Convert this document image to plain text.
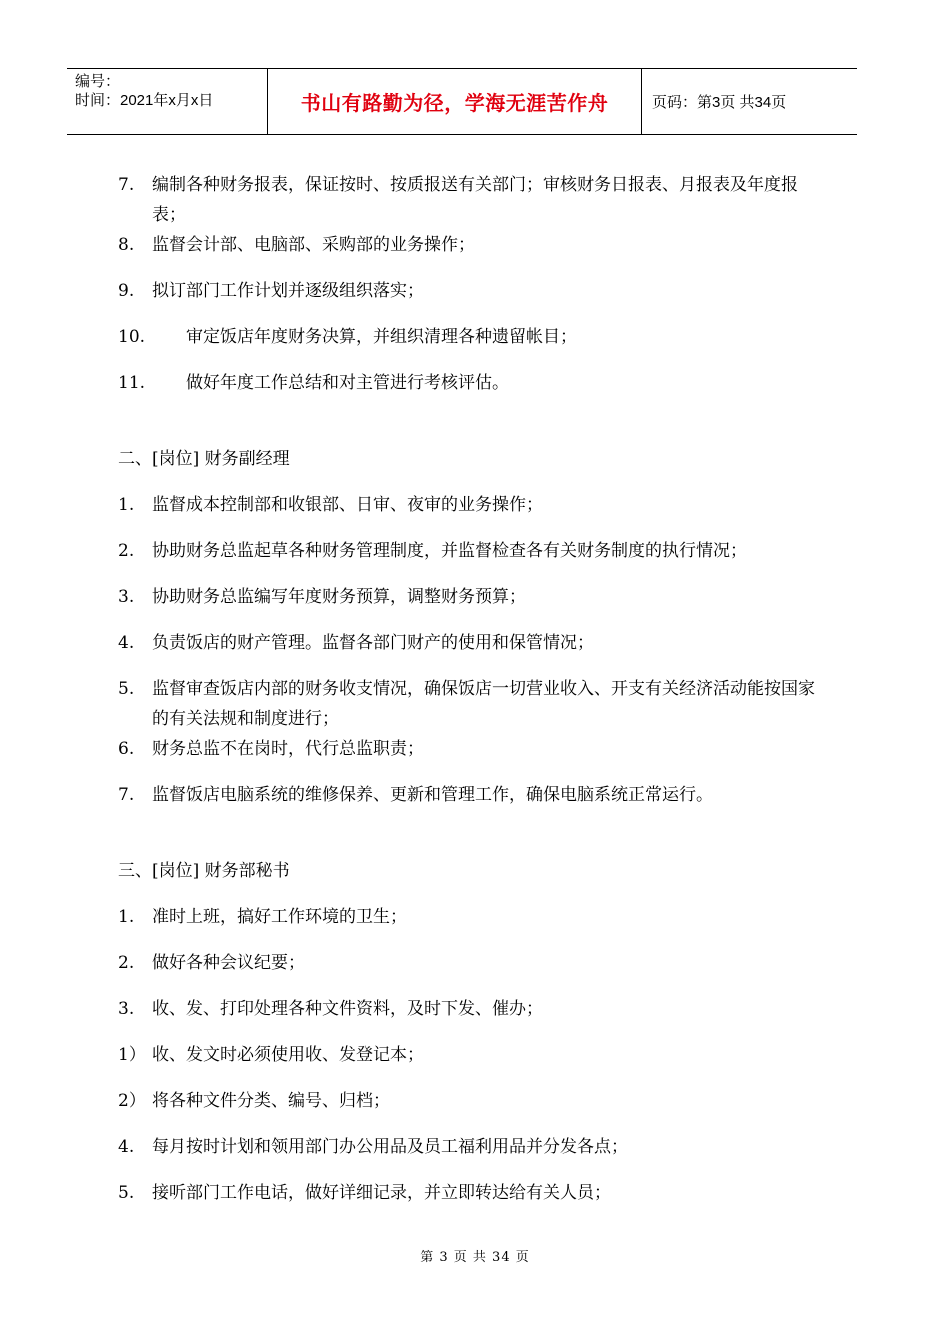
编号：
时间：2021年x月x日	书山有路勤为径，学海无涯苦作舟	页码：第3页 共34页
7.	编制各种财务报表，保证按时、按质报送有关部门；审核财务日报表、月报表及年度报表；
8.	监督会计部、电脑部、采购部的业务操作；
9.	拟订部门工作计划并逐级组织落实；
10.	审定饭店年度财务决算，并组织清理各种遗留帐目；
11.	做好年度工作总结和对主管进行考核评估。
二、[岗位] 财务副经理
1.	监督成本控制部和收银部、日审、夜审的业务操作；
2.	协助财务总监起草各种财务管理制度，并监督检查各有关财务制度的执行情况；
3.	协助财务总监编写年度财务预算，调整财务预算；
4.	负责饭店的财产管理。监督各部门财产的使用和保管情况；
5.	监督审查饭店内部的财务收支情况，确保饭店一切营业收入、开支有关经济活动能按国家的有关法规和制度进行；
6.	财务总监不在岗时，代行总监职责；
7.	监督饭店电脑系统的维修保养、更新和管理工作，确保电脑系统正常运行。
三、[岗位] 财务部秘书
1.	准时上班，搞好工作环境的卫生；
2.	做好各种会议纪要；
3.	收、发、打印处理各种文件资料，及时下发、催办；
1） 收、发文时必须使用收、发登记本；
2） 将各种文件分类、编号、归档；
4.	每月按时计划和领用部门办公用品及员工福利用品并分发各点；
5.	接听部门工作电话，做好详细记录，并立即转达给有关人员；
第 3 页 共 34 页
